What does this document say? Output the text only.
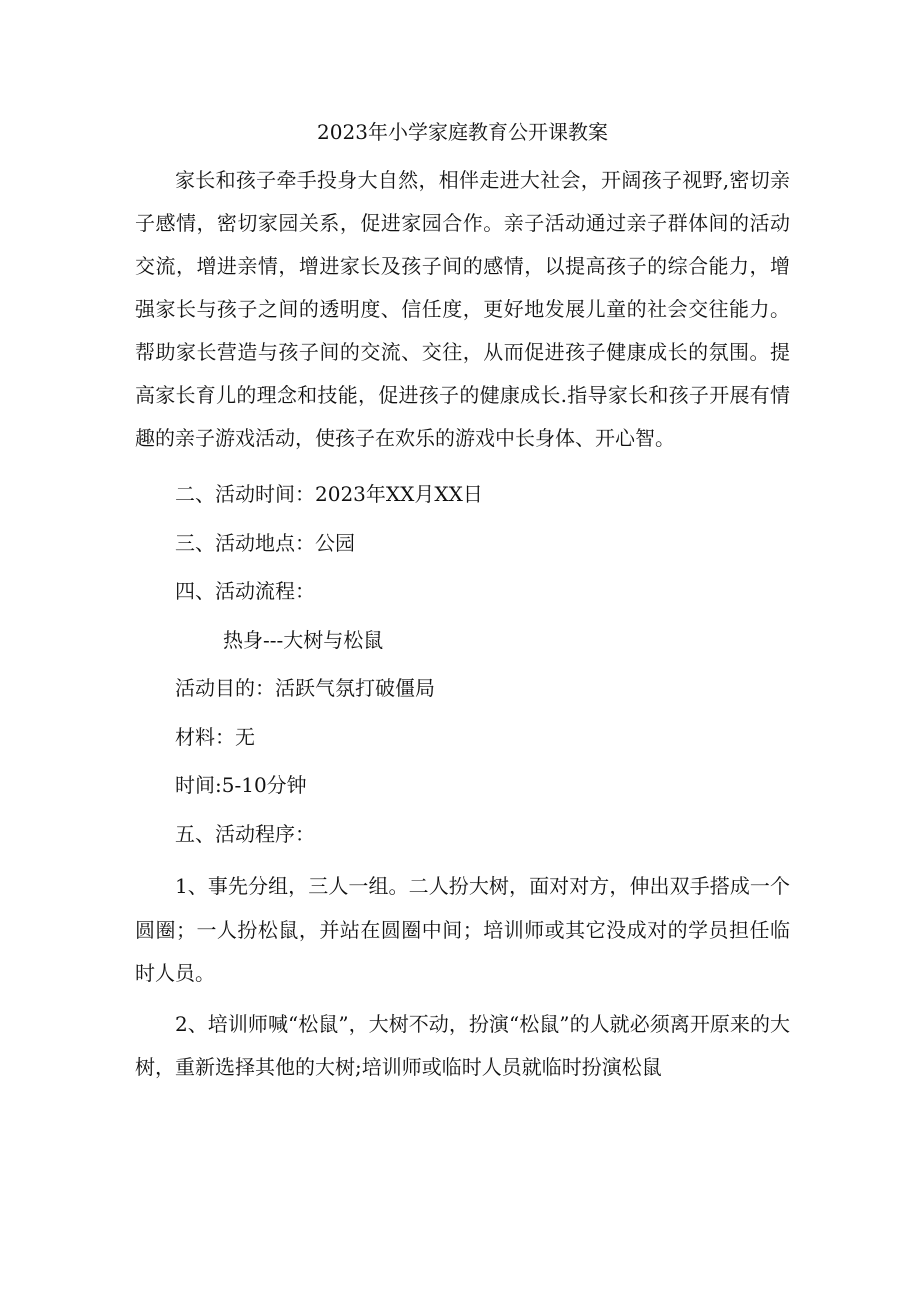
2023年小学家庭教育公开课教案

家长和孩子牵手投身大自然，相伴走进大社会，开阔孩子视野,密切亲子感情，密切家园关系，促进家园合作。亲子活动通过亲子群体间的活动交流，增进亲情，增进家长及孩子间的感情，以提高孩子的综合能力，增强家长与孩子之间的透明度、信任度，更好地发展儿童的社会交往能力。帮助家长营造与孩子间的交流、交往，从而促进孩子健康成长的氛围。提高家长育儿的理念和技能，促进孩子的健康成长.指导家长和孩子开展有情趣的亲子游戏活动，使孩子在欢乐的游戏中长身体、开心智。

二、活动时间：2023年XX月XX日

三、活动地点：公园

四、活动流程：

热身---大树与松鼠

活动目的：活跃气氛打破僵局

材料：无

时间:5-10分钟

五、活动程序：

1、事先分组，三人一组。二人扮大树，面对对方，伸出双手搭成一个圆圈；一人扮松鼠，并站在圆圈中间；培训师或其它没成对的学员担任临时人员。

2、培训师喊“松鼠”，大树不动，扮演“松鼠”的人就必须离开原来的大树，重新选择其他的大树;培训师或临时人员就临时扮演松鼠
